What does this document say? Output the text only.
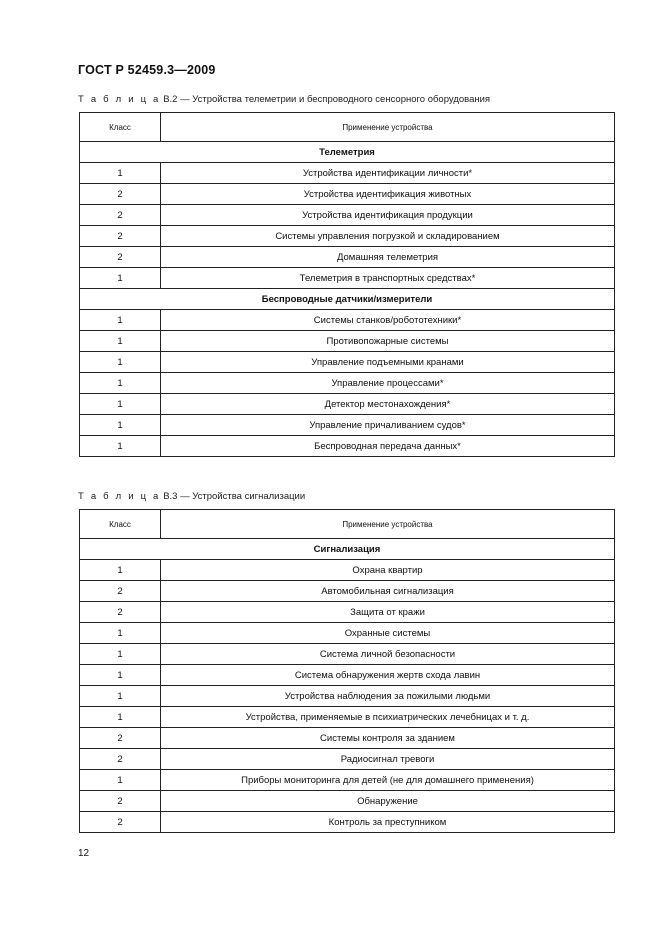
ГОСТ Р 52459.3—2009
Т а б л и ц а В.2 — Устройства телеметрии и беспроводного сенсорного оборудования
Класс	Применение устройства
Телеметрия	
1	Устройства идентификации личности*
2	Устройства идентификация животных
2	Устройства идентификация продукции
2	Системы управления погрузкой и складированием
2	Домашняя телеметрия
1	Телеметрия в транспортных средствах*
Беспроводные датчики/измерители	
1	Системы станков/робототехники*
1	Противопожарные системы
1	Управление подъемными кранами
1	Управление процессами*
1	Детектор местонахождения*
1	Управление причаливанием судов*
1	Беспроводная передача данных*
Т а б л и ц а В.3 — Устройства сигнализации
Класс	Применение устройства
Сигнализация	
1	Охрана квартир
2	Автомобильная сигнализация
2	Защита от кражи
1	Охранные системы
1	Система личной безопасности
1	Система обнаружения жертв схода лавин
1	Устройства наблюдения за пожилыми людьми
1	Устройства, применяемые в психиатрических лечебницах и т. д.
2	Системы контроля за зданием
2	Радиосигнал тревоги
1	Приборы мониторинга для детей (не для домашнего применения)
2	Обнаружение
2	Контроль за преступником
12
